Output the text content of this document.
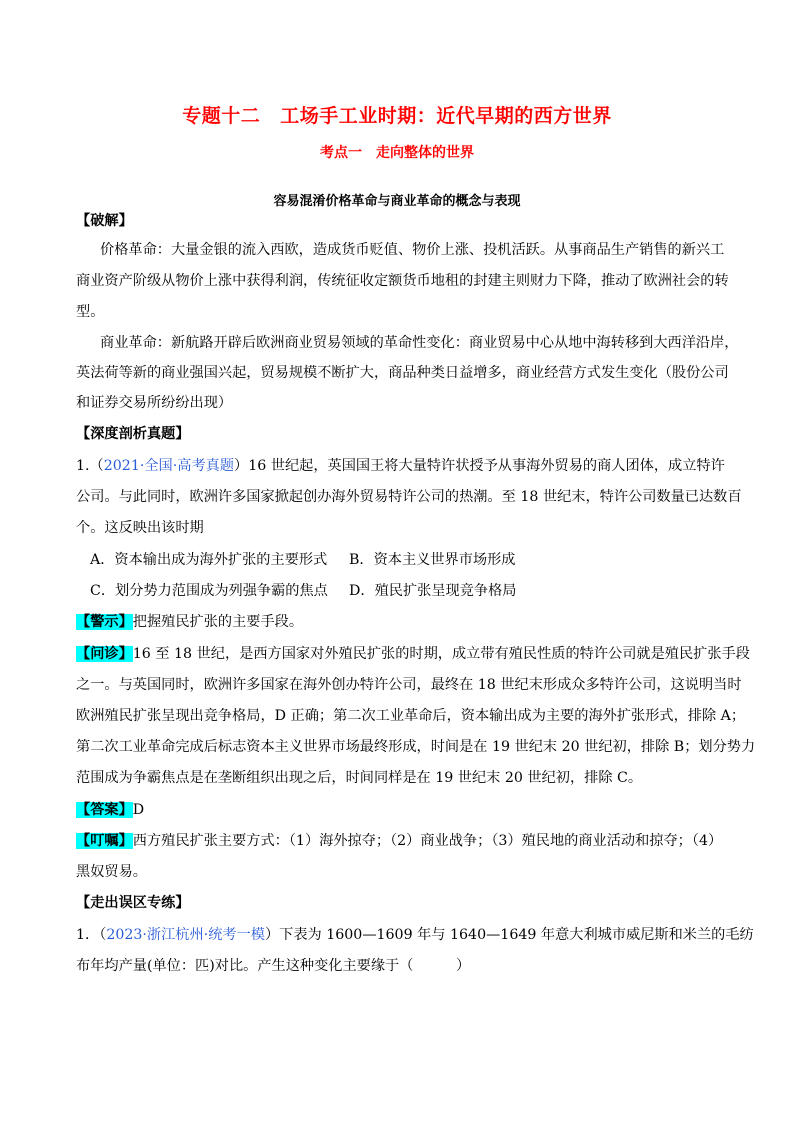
专题十二 工场手工业时期：近代早期的西方世界
考点一 走向整体的世界
容易混淆价格革命与商业革命的概念与表现
【破解】
价格革命：大量金银的流入西欧，造成货币贬值、物价上涨、投机活跃。从事商品生产销售的新兴工
商业资产阶级从物价上涨中获得利润，传统征收定额货币地租的封建主则财力下降，推动了欧洲社会的转
型。
商业革命：新航路开辟后欧洲商业贸易领域的革命性变化：商业贸易中心从地中海转移到大西洋沿岸，
英法荷等新的商业强国兴起，贸易规模不断扩大，商品种类日益增多，商业经营方式发生变化（股份公司
和证券交易所纷纷出现）
【深度剖析真题】
1.（2021·全国·高考真题）16 世纪起，英国国王将大量特许状授予从事海外贸易的商人团体，成立特许
公司。与此同时，欧洲许多国家掀起创办海外贸易特许公司的热潮。至 18 世纪末，特许公司数量已达数百
个。这反映出该时期
A．资本输出成为海外扩张的主要形式 B．资本主义世界市场形成
C．划分势力范围成为列强争霸的焦点 D．殖民扩张呈现竞争格局
【警示】把握殖民扩张的主要手段。
【问诊】16 至 18 世纪，是西方国家对外殖民扩张的时期，成立带有殖民性质的特许公司就是殖民扩张手段
之一。与英国同时，欧洲许多国家在海外创办特许公司，最终在 18 世纪末形成众多特许公司，这说明当时
欧洲殖民扩张呈现出竞争格局，D 正确；第二次工业革命后，资本输出成为主要的海外扩张形式，排除 A；
第二次工业革命完成后标志资本主义世界市场最终形成，时间是在 19 世纪末 20 世纪初，排除 B；划分势力
范围成为争霸焦点是在垄断组织出现之后，时间同样是在 19 世纪末 20 世纪初，排除 C。
【答案】D
【叮嘱】西方殖民扩张主要方式：（1）海外掠夺；（2）商业战争；（3）殖民地的商业活动和掠夺；（4）
黑奴贸易。
【走出误区专练】
1．（2023·浙江杭州·统考一模）下表为 1600—1609 年与 1640—1649 年意大利城市威尼斯和米兰的毛纺
布年均产量(单位：匹)对比。产生这种变化主要缘于（　　　）
